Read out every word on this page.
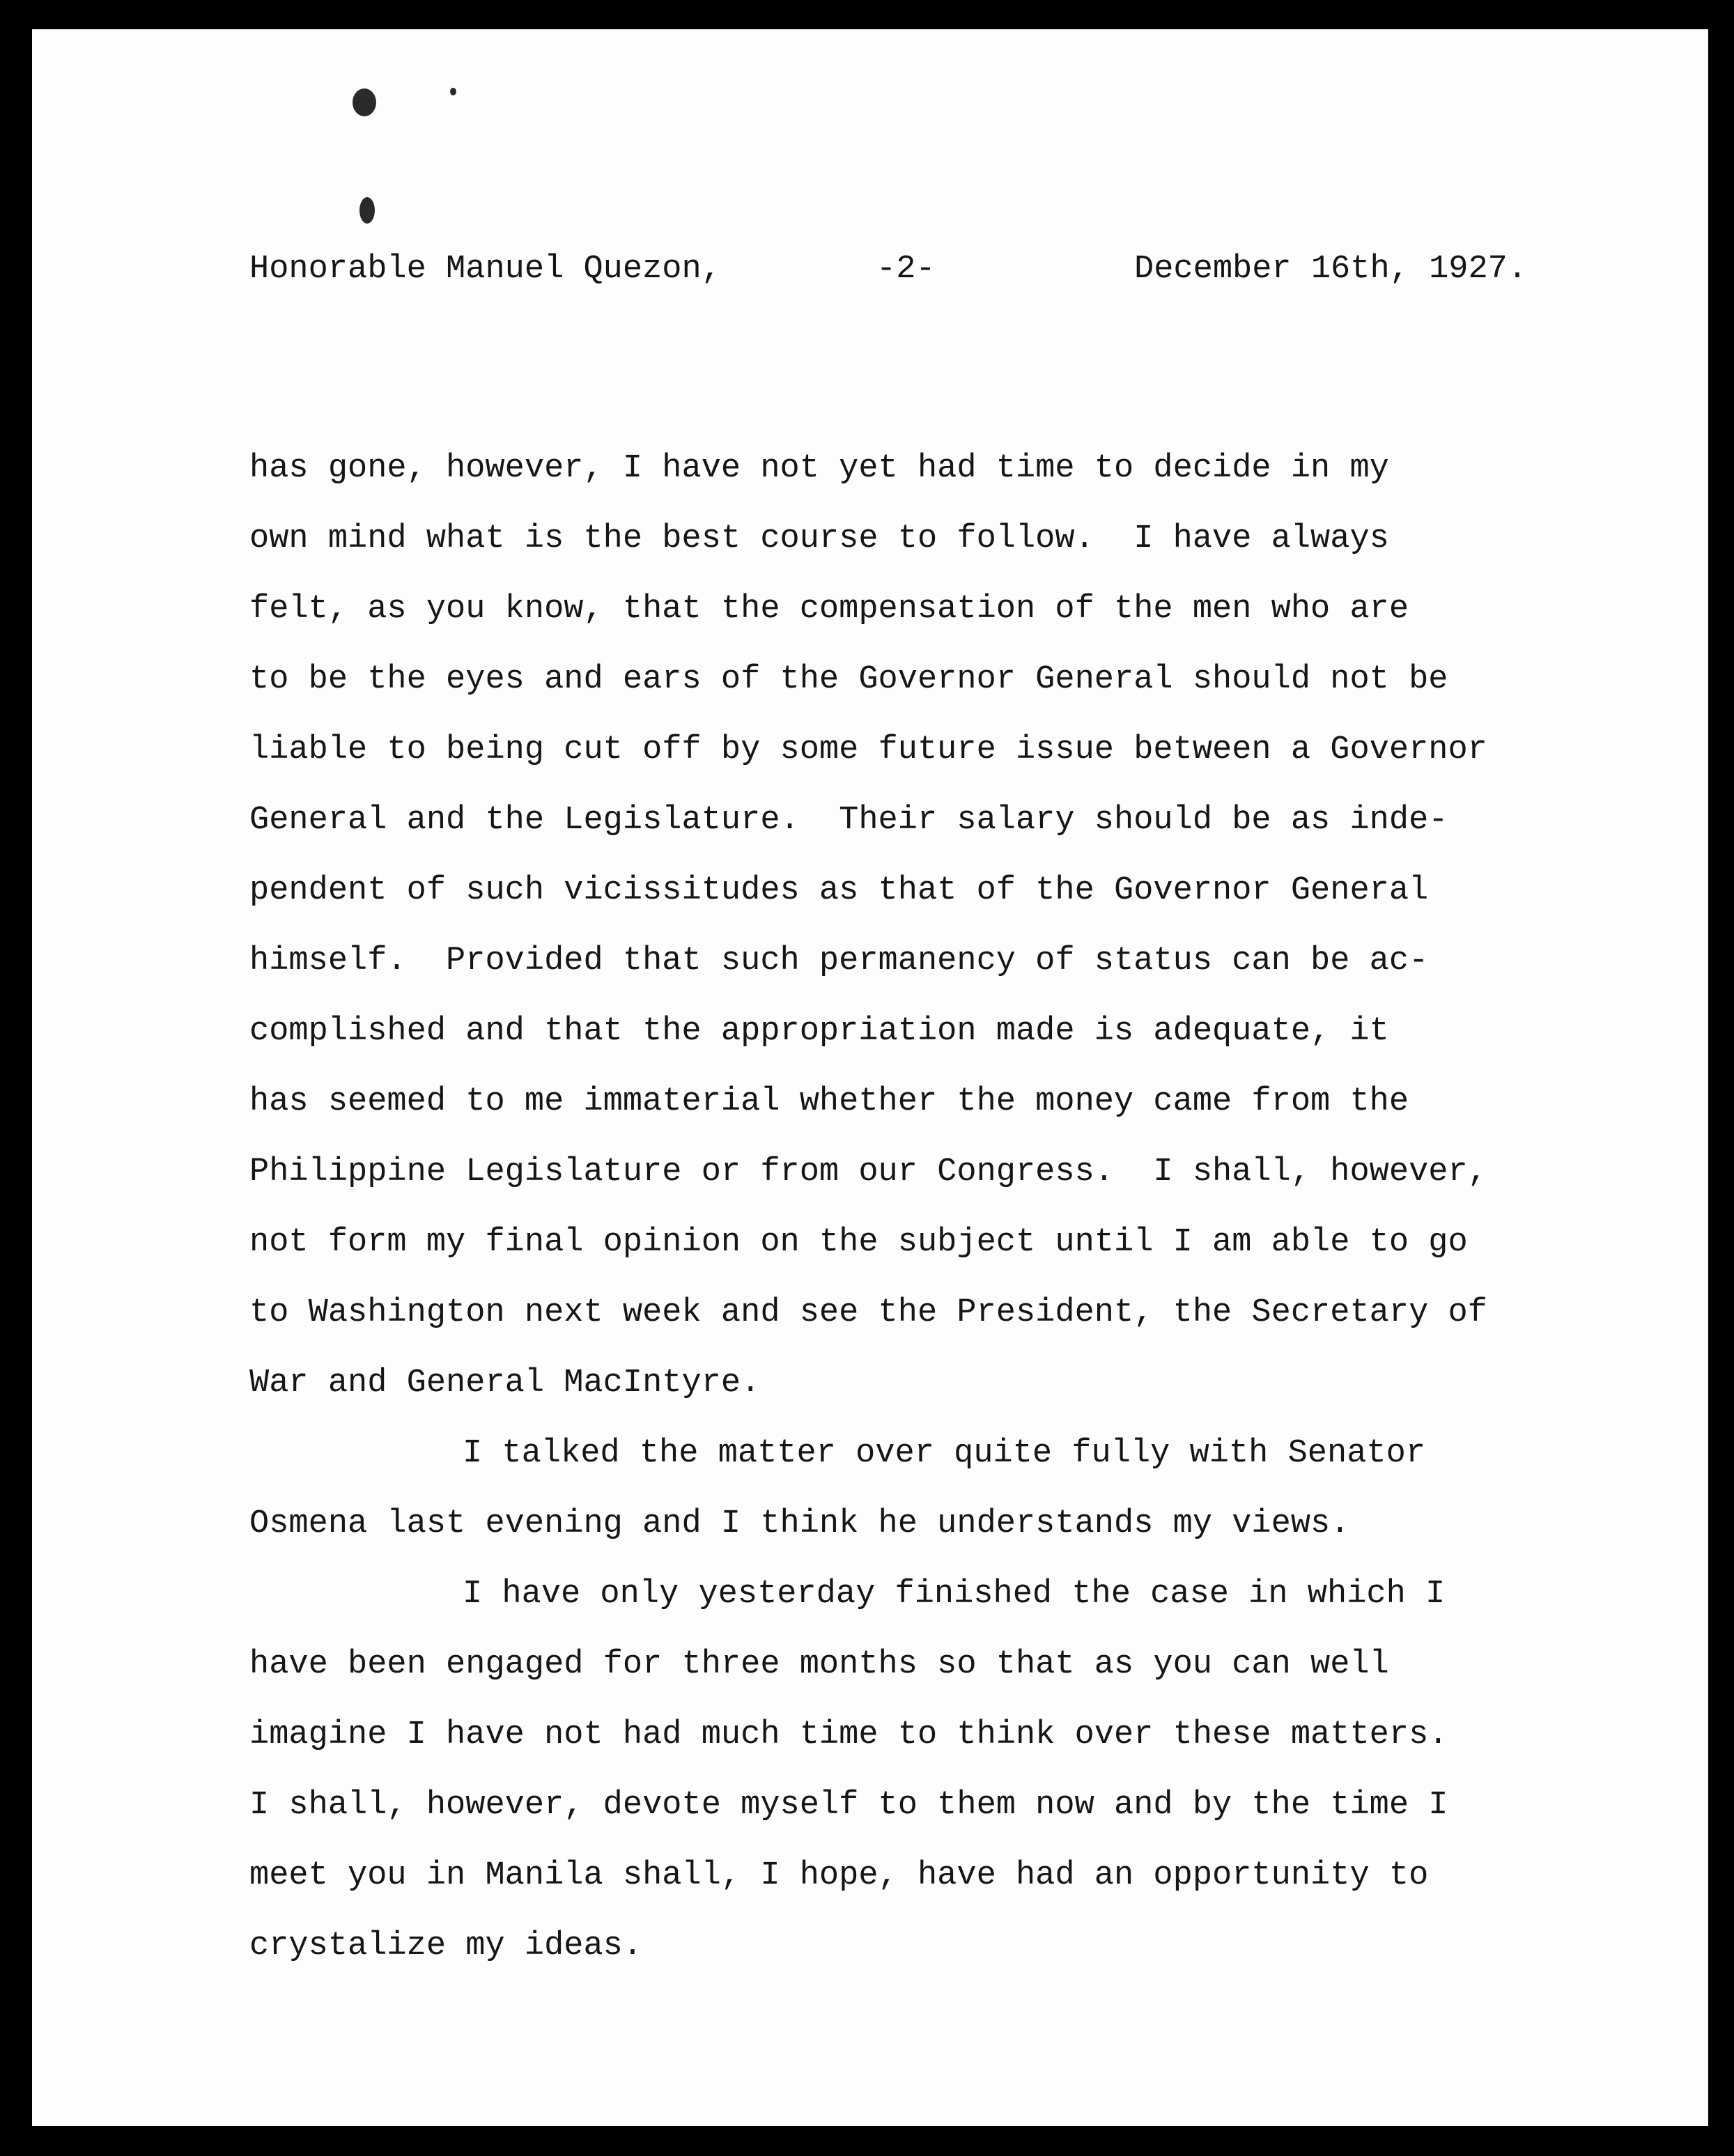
Honorable Manuel Quezon,

	-2-

	December 16th, 1927.

has gone, however, I have not yet had time to decide in my
own mind what is the best course to follow.  I have always
felt, as you know, that the compensation of the men who are
to be the eyes and ears of the Governor General should not be
liable to being cut off by some future issue between a Governor
General and the Legislature.  Their salary should be as inde-
pendent of such vicissitudes as that of the Governor General
himself.  Provided that such permanency of status can be ac-
complished and that the appropriation made is adequate, it
has seemed to me immaterial whether the money came from the
Philippine Legislature or from our Congress.  I shall, however,
not form my final opinion on the subject until I am able to go
to Washington next week and see the President, the Secretary of
War and General MacIntyre.
I talked the matter over quite fully with Senator
Osmena last evening and I think he understands my views.
I have only yesterday finished the case in which I
have been engaged for three months so that as you can well
imagine I have not had much time to think over these matters.
I shall, however, devote myself to them now and by the time I
meet you in Manila shall, I hope, have had an opportunity to
crystalize my ideas.
